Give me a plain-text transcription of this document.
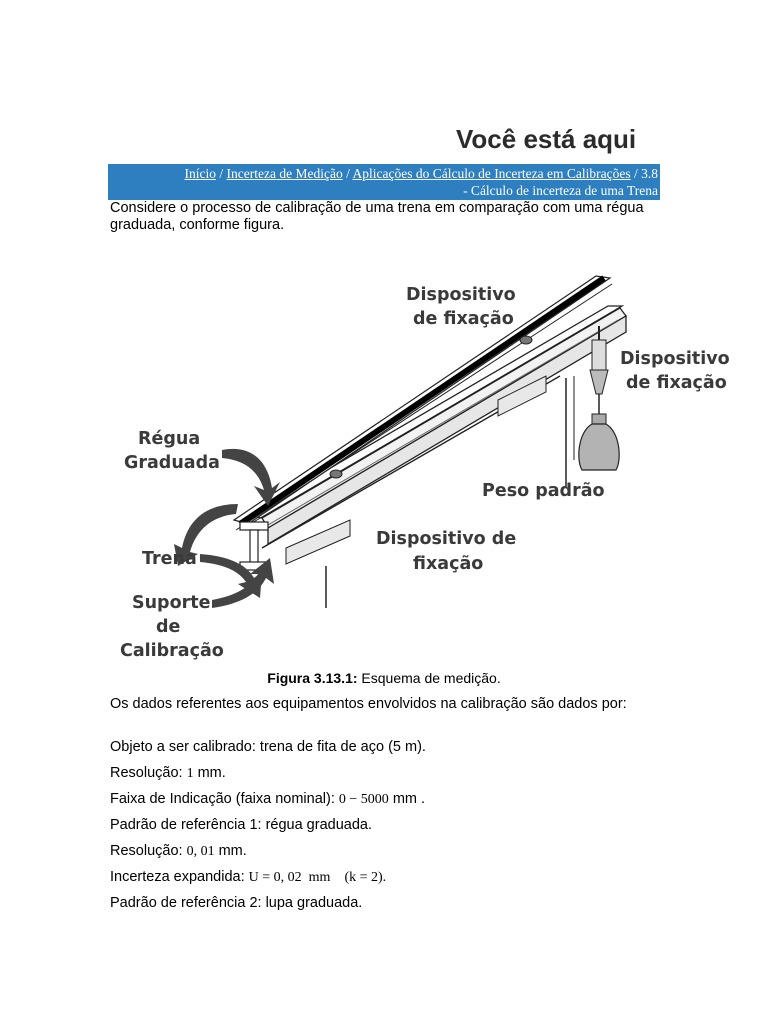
Você está aqui
Início / Incerteza de Medição / Aplicações do Cálculo de Incerteza em Calibrações / 3.8
- Cálculo de incerteza de uma Trena
Considere o processo de calibração de uma trena em comparação com uma régua graduada, conforme figura.
Dispositivo
de fixação
Dispositivo
de fixação
Régua
Graduada
Peso padrão
Dispositivo de
fixação
Trena
Suporte
de
Calibração
Figura 3.13.1: Esquema de medição.
Os dados referentes aos equipamentos envolvidos na calibração são dados por:
Objeto a ser calibrado: trena de fita de aço (5 m).
Resolução: 1 mm.
Faixa de Indicação (faixa nominal): 0 − 5000 mm .
Padrão de referência 1: régua graduada.
Resolução: 0, 01 mm.
Incerteza expandida: U = 0, 02  mm    (k = 2).
Padrão de referência 2: lupa graduada.
